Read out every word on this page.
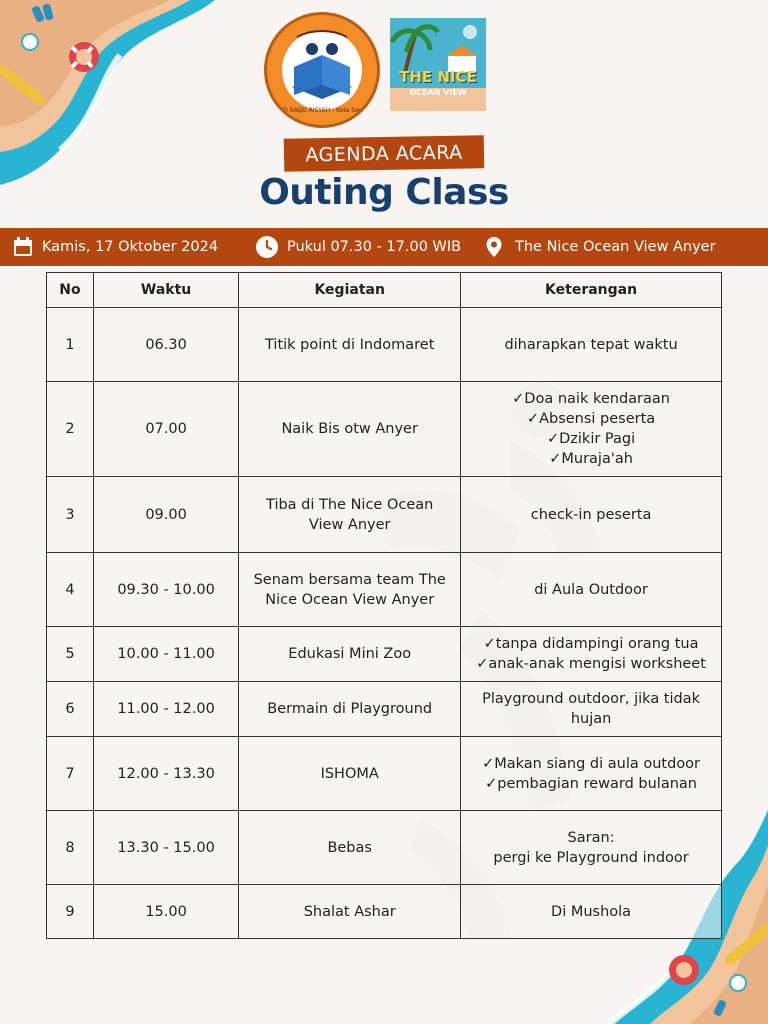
TAUD SAQU AISYAH - Kota Serang
THE NICE
OCEAN VIEW
AGENDA ACARA
Outing Class
Kamis, 17 Oktober 2024	Pukul 07.30 - 17.00 WIB	The Nice Ocean View Anyer
No	Waktu	Kegiatan	Keterangan
1	06.30	Titik point di Indomaret	diharapkan tepat waktu

2	07.00	Naik Bis otw Anyer	✓Doa naik kendaraan
✓Absensi peserta
✓Dzikir Pagi
✓Muraja'ah

3	09.00	Tiba di The Nice Ocean
View Anyer	check-in peserta

4	09.30 - 10.00	Senam bersama team The
Nice Ocean View Anyer	di Aula Outdoor

5	10.00 - 11.00	Edukasi Mini Zoo	✓tanpa didampingi orang tua
✓anak-anak mengisi worksheet

6	11.00 - 12.00	Bermain di Playground	Playground outdoor, jika tidak
hujan

7	12.00 - 13.30	ISHOMA	✓Makan siang di aula outdoor
✓pembagian reward bulanan

8	13.30 - 15.00	Bebas	Saran:
pergi ke Playground indoor

9	15.00	Shalat Ashar	Di Mushola
